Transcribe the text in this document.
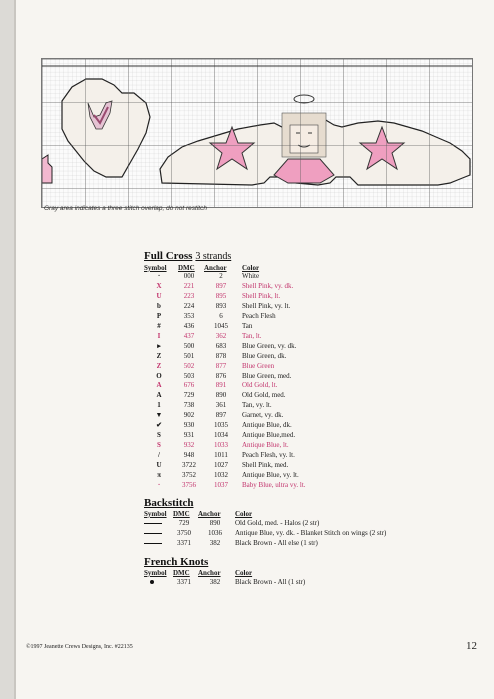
Gray area indicates a three stitch overlap, do not restitch
Full Cross 3 strands
Symbol	DMC	Anchor	Color
·	000	2	White
X	221	897	Shell Pink, vy. dk.
U	223	895	Shell Pink, lt.
b	224	893	Shell Pink, vy. lt.
P	353	6	Peach Flesh
#	436	1045	Tan
I	437	362	Tan, lt.
▸	500	683	Blue Green, vy. dk.
Z	501	878	Blue Green, dk.
Z	502	877	Blue Green
O	503	876	Blue Green, med.
A	676	891	Old Gold, lt.
A	729	890	Old Gold, med.
1	738	361	Tan, vy. lt.
▼	902	897	Garnet, vy. dk.
✔	930	1035	Antique Blue, dk.
S	931	1034	Antique Blue,med.
S	932	1033	Antique Blue, lt.
/	948	1011	Peach Flesh, vy. lt.
U	3722	1027	Shell Pink, med.
π	3752	1032	Antique Blue, vy. lt.
·	3756	1037	Baby Blue, ultra vy. lt.
Backstitch
Symbol	DMC	Anchor	Color
	729	890	Old Gold, med. - Halos (2 str)
	3750	1036	Antique Blue, vy. dk. - Blanket Stitch on wings (2 str)
	3371	382	Black Brown - All else (1 str)
French Knots
Symbol	DMC	Anchor	Color
	3371	382	Black Brown - All (1 str)
©1997 Jeanette Crews Designs, Inc. #22135	12
